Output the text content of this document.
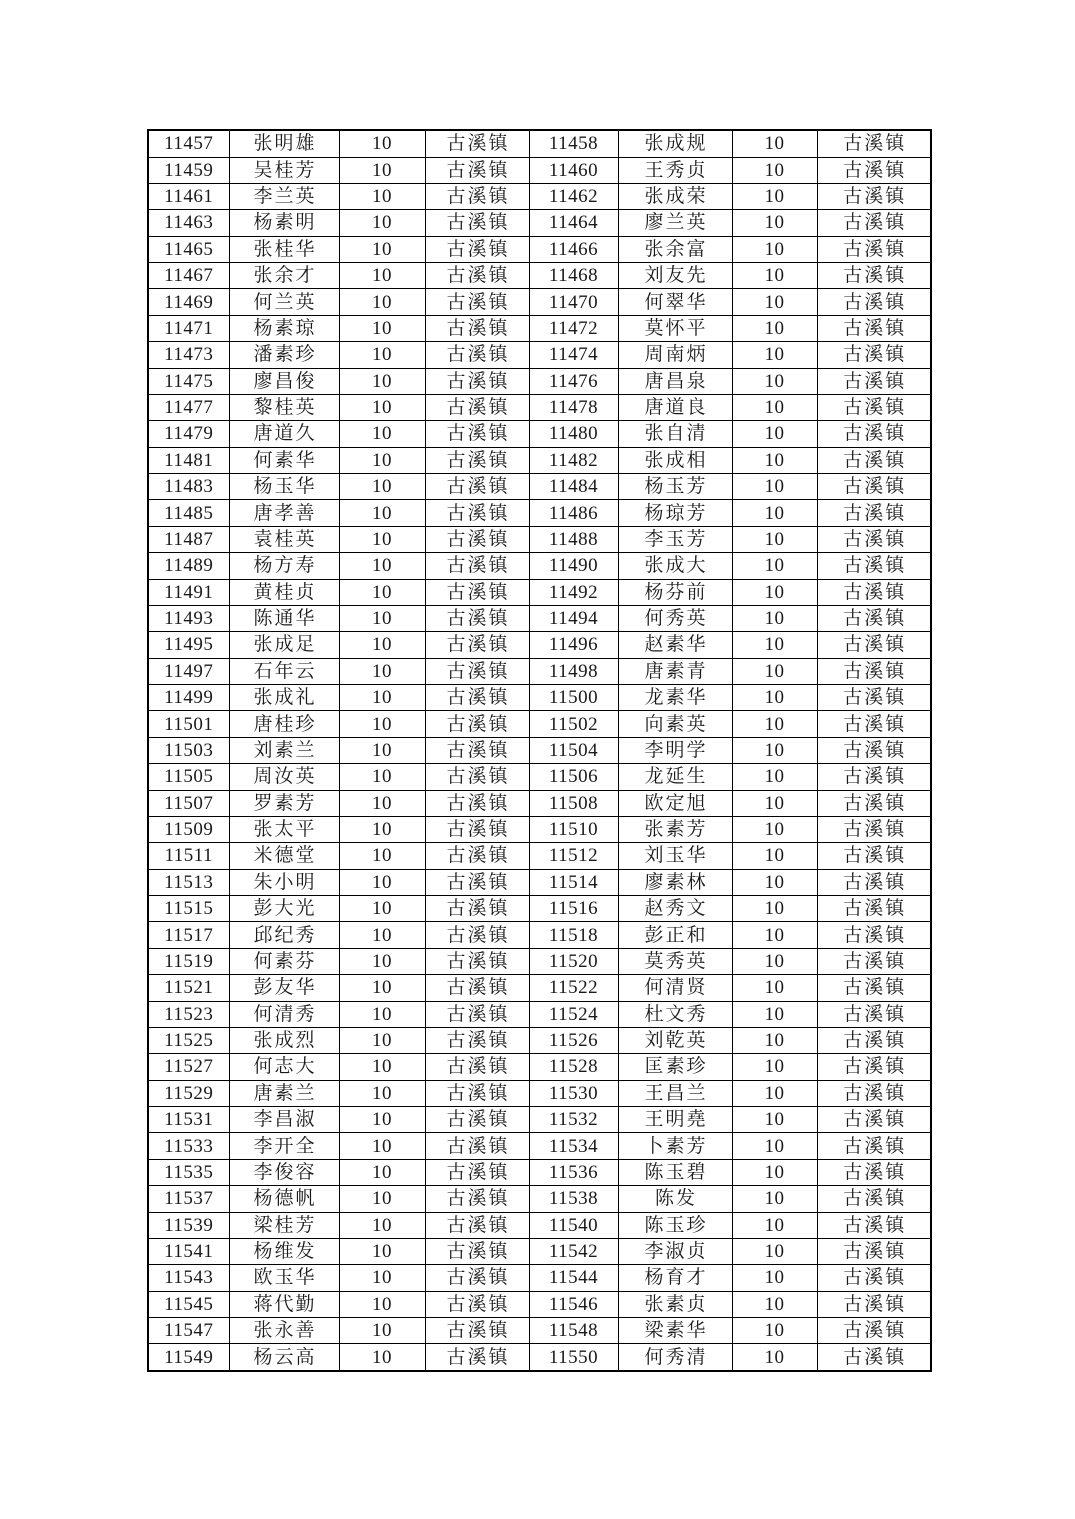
11457	张明雄	10	古溪镇	11458	张成规	10	古溪镇
11459	吴桂芳	10	古溪镇	11460	王秀贞	10	古溪镇
11461	李兰英	10	古溪镇	11462	张成荣	10	古溪镇
11463	杨素明	10	古溪镇	11464	廖兰英	10	古溪镇
11465	张桂华	10	古溪镇	11466	张余富	10	古溪镇
11467	张余才	10	古溪镇	11468	刘友先	10	古溪镇
11469	何兰英	10	古溪镇	11470	何翠华	10	古溪镇
11471	杨素琼	10	古溪镇	11472	莫怀平	10	古溪镇
11473	潘素珍	10	古溪镇	11474	周南炳	10	古溪镇
11475	廖昌俊	10	古溪镇	11476	唐昌泉	10	古溪镇
11477	黎桂英	10	古溪镇	11478	唐道良	10	古溪镇
11479	唐道久	10	古溪镇	11480	张自清	10	古溪镇
11481	何素华	10	古溪镇	11482	张成相	10	古溪镇
11483	杨玉华	10	古溪镇	11484	杨玉芳	10	古溪镇
11485	唐孝善	10	古溪镇	11486	杨琼芳	10	古溪镇
11487	袁桂英	10	古溪镇	11488	李玉芳	10	古溪镇
11489	杨方寿	10	古溪镇	11490	张成大	10	古溪镇
11491	黄桂贞	10	古溪镇	11492	杨芬前	10	古溪镇
11493	陈通华	10	古溪镇	11494	何秀英	10	古溪镇
11495	张成足	10	古溪镇	11496	赵素华	10	古溪镇
11497	石年云	10	古溪镇	11498	唐素青	10	古溪镇
11499	张成礼	10	古溪镇	11500	龙素华	10	古溪镇
11501	唐桂珍	10	古溪镇	11502	向素英	10	古溪镇
11503	刘素兰	10	古溪镇	11504	李明学	10	古溪镇
11505	周汝英	10	古溪镇	11506	龙延生	10	古溪镇
11507	罗素芳	10	古溪镇	11508	欧定旭	10	古溪镇
11509	张太平	10	古溪镇	11510	张素芳	10	古溪镇
11511	米德堂	10	古溪镇	11512	刘玉华	10	古溪镇
11513	朱小明	10	古溪镇	11514	廖素林	10	古溪镇
11515	彭大光	10	古溪镇	11516	赵秀文	10	古溪镇
11517	邱纪秀	10	古溪镇	11518	彭正和	10	古溪镇
11519	何素芬	10	古溪镇	11520	莫秀英	10	古溪镇
11521	彭友华	10	古溪镇	11522	何清贤	10	古溪镇
11523	何清秀	10	古溪镇	11524	杜文秀	10	古溪镇
11525	张成烈	10	古溪镇	11526	刘乾英	10	古溪镇
11527	何志大	10	古溪镇	11528	匡素珍	10	古溪镇
11529	唐素兰	10	古溪镇	11530	王昌兰	10	古溪镇
11531	李昌淑	10	古溪镇	11532	王明堯	10	古溪镇
11533	李开全	10	古溪镇	11534	卜素芳	10	古溪镇
11535	李俊容	10	古溪镇	11536	陈玉碧	10	古溪镇
11537	杨德帆	10	古溪镇	11538	陈发	10	古溪镇
11539	梁桂芳	10	古溪镇	11540	陈玉珍	10	古溪镇
11541	杨维发	10	古溪镇	11542	李淑贞	10	古溪镇
11543	欧玉华	10	古溪镇	11544	杨育才	10	古溪镇
11545	蒋代勤	10	古溪镇	11546	张素贞	10	古溪镇
11547	张永善	10	古溪镇	11548	梁素华	10	古溪镇
11549	杨云高	10	古溪镇	11550	何秀清	10	古溪镇
